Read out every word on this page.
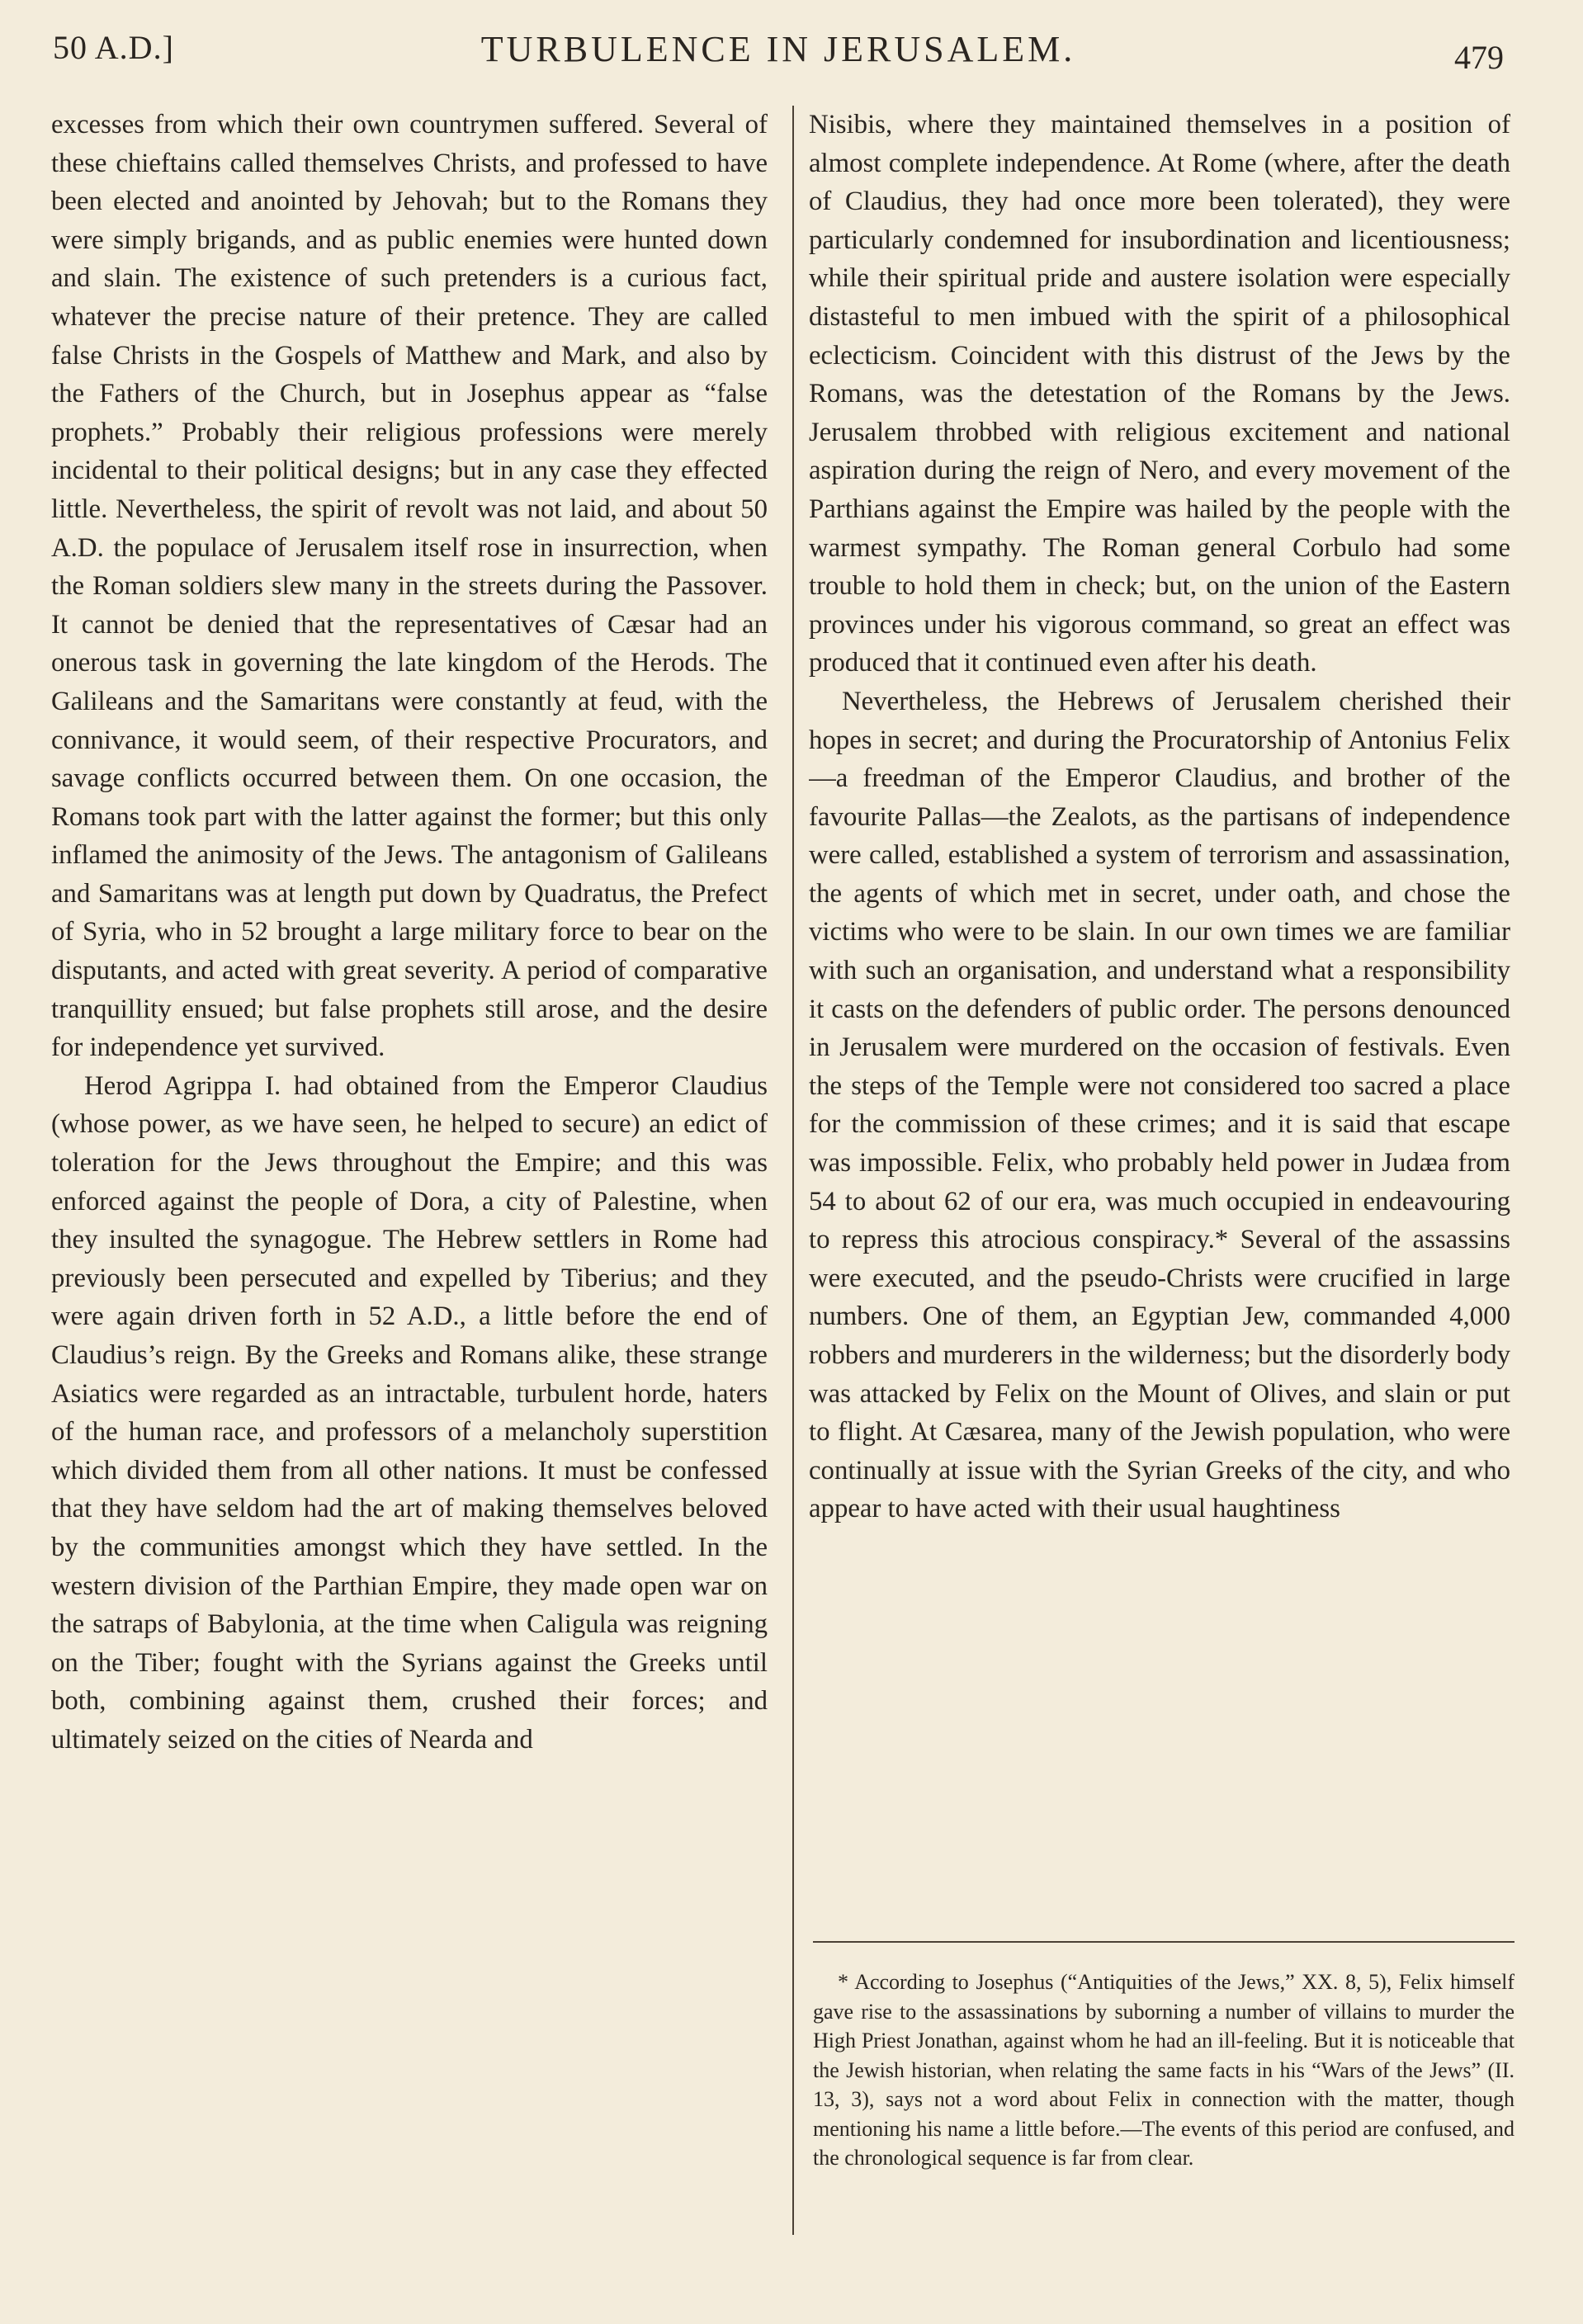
50 A.D.]	TURBULENCE IN JERUSALEM.	479

excesses from which their own countrymen suffered. Several of these chieftains called themselves Christs, and professed to have been elected and anointed by Jehovah; but to the Romans they were simply brigands, and as public enemies were hunted down and slain. The existence of such pretenders is a curious fact, whatever the precise nature of their pretence. They are called false Christs in the Gospels of Matthew and Mark, and also by the Fathers of the Church, but in Josephus appear as “false prophets.” Probably their religious professions were merely incidental to their political designs; but in any case they effected little. Nevertheless, the spirit of revolt was not laid, and about 50 A.D. the populace of Jerusalem itself rose in insurrection, when the Roman soldiers slew many in the streets during the Passover. It cannot be denied that the representatives of Cæsar had an onerous task in governing the late kingdom of the Herods. The Galileans and the Samaritans were constantly at feud, with the connivance, it would seem, of their respective Procurators, and savage conflicts occurred between them. On one occasion, the Romans took part with the latter against the former; but this only inflamed the animosity of the Jews. The antagonism of Galileans and Samaritans was at length put down by Quadratus, the Prefect of Syria, who in 52 brought a large military force to bear on the disputants, and acted with great severity. A period of comparative tranquillity ensued; but false prophets still arose, and the desire for independence yet survived.

Herod Agrippa I. had obtained from the Emperor Claudius (whose power, as we have seen, he helped to secure) an edict of toleration for the Jews throughout the Empire; and this was enforced against the people of Dora, a city of Palestine, when they insulted the synagogue. The Hebrew settlers in Rome had previously been persecuted and expelled by Tiberius; and they were again driven forth in 52 A.D., a little before the end of Claudius’s reign. By the Greeks and Romans alike, these strange Asiatics were regarded as an intractable, turbulent horde, haters of the human race, and professors of a melancholy superstition which divided them from all other nations. It must be confessed that they have seldom had the art of making themselves beloved by the communities amongst which they have settled. In the western division of the Parthian Empire, they made open war on the satraps of Babylonia, at the time when Caligula was reigning on the Tiber; fought with the Syrians against the Greeks until both, combining against them, crushed their forces; and ultimately seized on the cities of Nearda and

Nisibis, where they maintained themselves in a position of almost complete independence. At Rome (where, after the death of Claudius, they had once more been tolerated), they were particularly condemned for insubordination and licentiousness; while their spiritual pride and austere isolation were especially distasteful to men imbued with the spirit of a philosophical eclecticism. Coincident with this distrust of the Jews by the Romans, was the detestation of the Romans by the Jews. Jerusalem throbbed with religious excitement and national aspiration during the reign of Nero, and every movement of the Parthians against the Empire was hailed by the people with the warmest sympathy. The Roman general Corbulo had some trouble to hold them in check; but, on the union of the Eastern provinces under his vigorous command, so great an effect was produced that it continued even after his death.

Nevertheless, the Hebrews of Jerusalem cherished their hopes in secret; and during the Procuratorship of Antonius Felix—a freedman of the Emperor Claudius, and brother of the favourite Pallas—the Zealots, as the partisans of independence were called, established a system of terrorism and assassination, the agents of which met in secret, under oath, and chose the victims who were to be slain. In our own times we are familiar with such an organisation, and understand what a responsibility it casts on the defenders of public order. The persons denounced in Jerusalem were murdered on the occasion of festivals. Even the steps of the Temple were not considered too sacred a place for the commission of these crimes; and it is said that escape was impossible. Felix, who probably held power in Judæa from 54 to about 62 of our era, was much occupied in endeavouring to repress this atrocious conspiracy.* Several of the assassins were executed, and the pseudo-Christs were crucified in large numbers. One of them, an Egyptian Jew, commanded 4,000 robbers and murderers in the wilderness; but the disorderly body was attacked by Felix on the Mount of Olives, and slain or put to flight. At Cæsarea, many of the Jewish population, who were continually at issue with the Syrian Greeks of the city, and who appear to have acted with their usual haughtiness

* According to Josephus (“Antiquities of the Jews,” XX. 8, 5), Felix himself gave rise to the assassinations by suborning a number of villains to murder the High Priest Jonathan, against whom he had an ill-feeling. But it is noticeable that the Jewish historian, when relating the same facts in his “Wars of the Jews” (II. 13, 3), says not a word about Felix in connection with the matter, though mentioning his name a little before.—The events of this period are confused, and the chronological sequence is far from clear.
